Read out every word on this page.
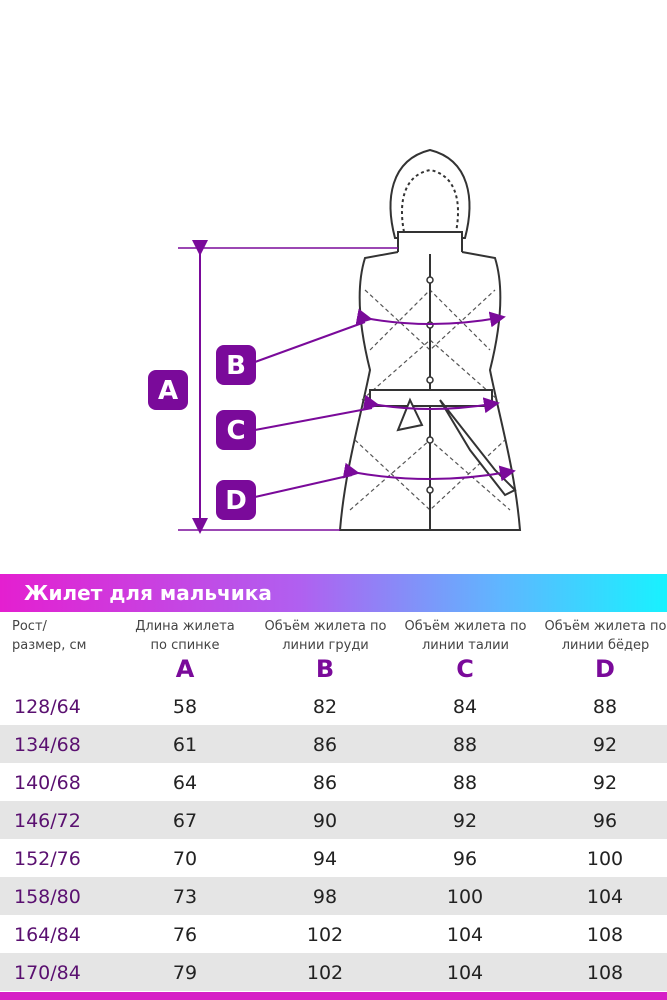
A
B
C
D
Жилет для мальчика
Рост/
размер, см
Длина жилета
по спинке
Объём жилета по
линии груди
Объём жилета по
линии талии
Объём жилета по
линии бёдер
A	B	C	D
128/64	58	82	84	88
134/68	61	86	88	92
140/68	64	86	88	92
146/72	67	90	92	96
152/76	70	94	96	100
158/80	73	98	100	104
164/84	76	102	104	108
170/84	79	102	104	108
